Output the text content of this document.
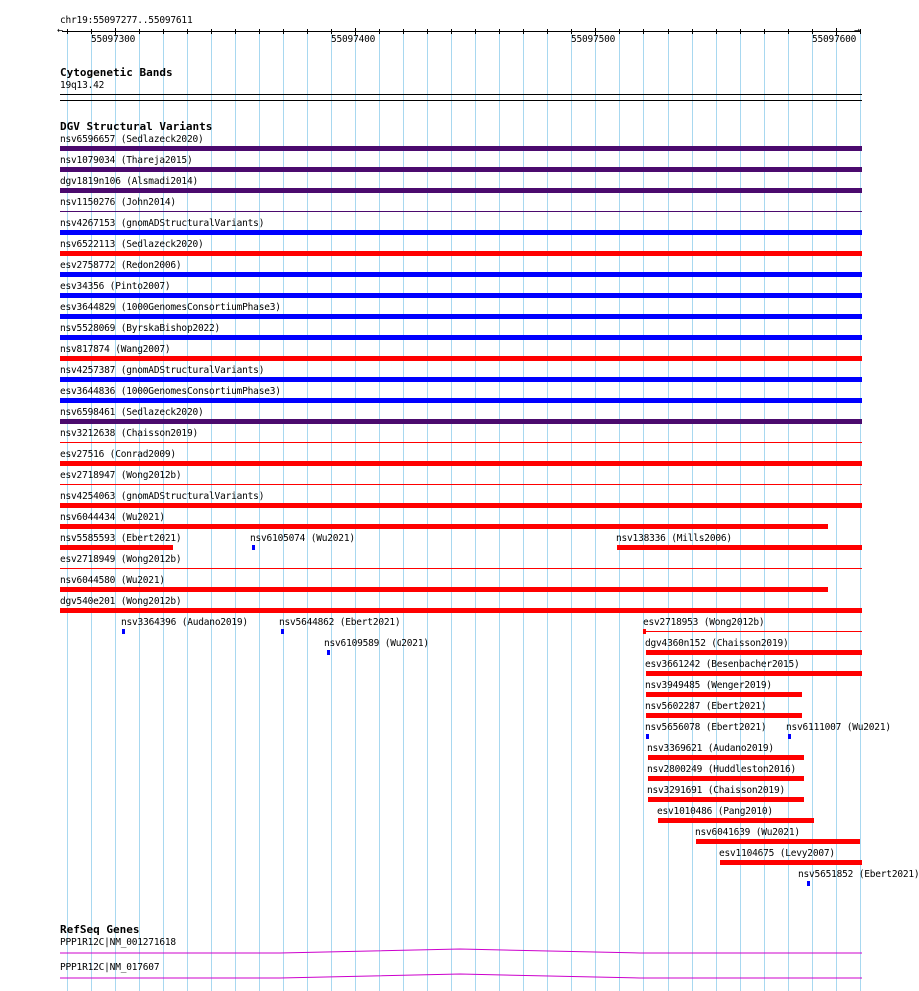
chr19:55097277..55097611
←	→
55097300	55097400	55097500	55097600
Cytogenetic Bands
19q13.42
DGV Structural Variants
nsv6596657 (Sedlazeck2020)
nsv1079034 (Thareja2015)
dgv1819n106 (Alsmadi2014)
nsv1150276 (John2014)
nsv4267153 (gnomADStructuralVariants)
nsv6522113 (Sedlazeck2020)
esv2758772 (Redon2006)
esv34356 (Pinto2007)
esv3644829 (1000GenomesConsortiumPhase3)
nsv5528069 (ByrskaBishop2022)
nsv817874 (Wang2007)
nsv4257387 (gnomADStructuralVariants)
esv3644836 (1000GenomesConsortiumPhase3)
nsv6598461 (Sedlazeck2020)
nsv3212638 (Chaisson2019)
esv27516 (Conrad2009)
esv2718947 (Wong2012b)
nsv4254063 (gnomADStructuralVariants)
nsv6044434 (Wu2021)
nsv5585593 (Ebert2021)	nsv6105074 (Wu2021)	nsv138336 (Mills2006)
esv2718949 (Wong2012b)
nsv6044580 (Wu2021)
dgv540e201 (Wong2012b)
nsv3364396 (Audano2019)	nsv5644862 (Ebert2021)	esv2718953 (Wong2012b)
nsv6109589 (Wu2021)	dgv4360n152 (Chaisson2019)
esv3661242 (Besenbacher2015)
nsv3949485 (Wenger2019)
nsv5602287 (Ebert2021)
nsv5656078 (Ebert2021) nsv6111007 (Wu2021)
nsv3369621 (Audano2019)
nsv2800249 (Huddleston2016)
nsv3291691 (Chaisson2019)
esv1010486 (Pang2010)
nsv6041639 (Wu2021)
esv1104675 (Levy2007)
nsv5651852 (Ebert2021)
RefSeq Genes
PPP1R12C|NM_001271618
PPP1R12C|NM_017607
